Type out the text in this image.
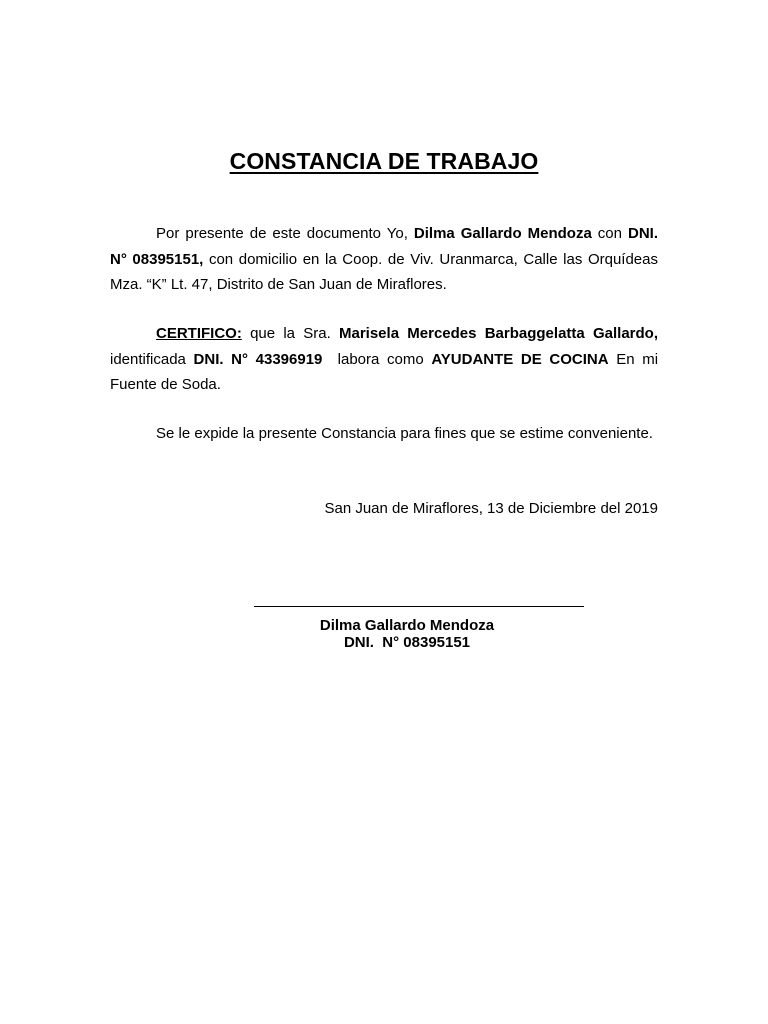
CONSTANCIA DE TRABAJO

Por presente de este documento Yo, Dilma Gallardo Mendoza con DNI. N° 08395151, con domicilio en la Coop. de Viv. Uranmarca, Calle las Orquídeas Mza. “K” Lt. 47, Distrito de San Juan de Miraflores.

CERTIFICO: que la Sra. Marisela Mercedes Barbaggelatta Gallardo, identificada DNI. N° 43396919  labora como AYUDANTE DE COCINA En mi Fuente de Soda.

Se le expide la presente Constancia para fines que se estime conveniente.

San Juan de Miraflores, 13 de Diciembre del 2019
Dilma Gallardo Mendoza
DNI.  N° 08395151
